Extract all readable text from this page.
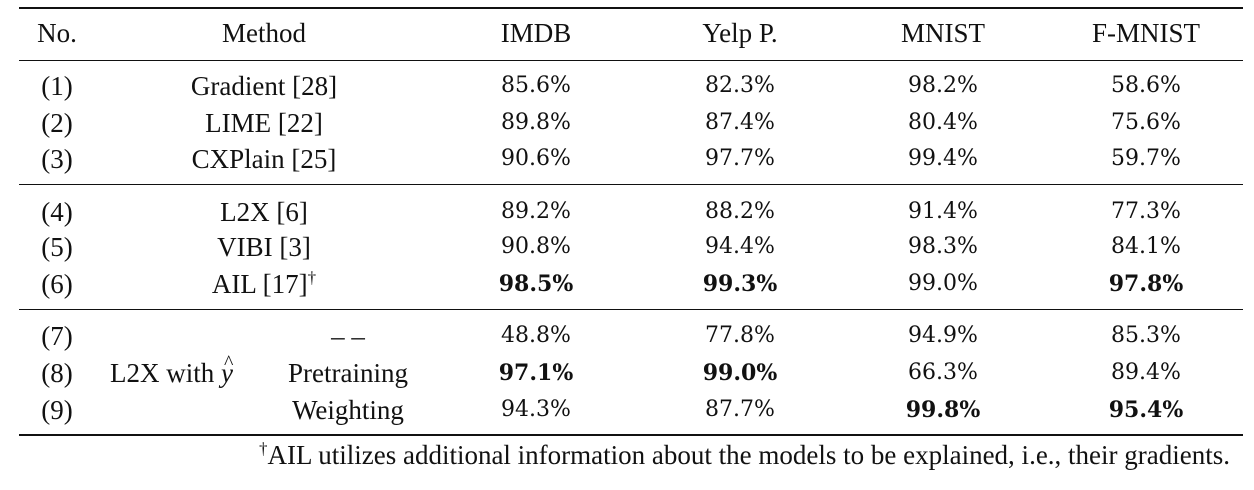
No.	Method	IMDB	Yelp P.	MNIST	F-MNIST
(1)	Gradient [28]	85.6%	82.3%	98.2%	58.6%
(2)	LIME [22]	89.8%	87.4%	80.4%	75.6%
(3)	CXPlain [25]	90.6%	97.7%	99.4%	59.7%
(4)	L2X [6]	89.2%	88.2%	91.4%	77.3%
(5)	VIBI [3]	90.8%	94.4%	98.3%	84.1%
(6)	AIL [17]†	98.5%	99.3%	99.0%	97.8%
(7)	– –	48.8%	77.8%	94.9%	85.3%
L2X with ^ y
(8)	Pretraining	97.1%	99.0%	66.3%	89.4%
(9)	Weighting	94.3%	87.7%	99.8%	95.4%
†AIL utilizes additional information about the models to be explained, i.e., their gradients.
